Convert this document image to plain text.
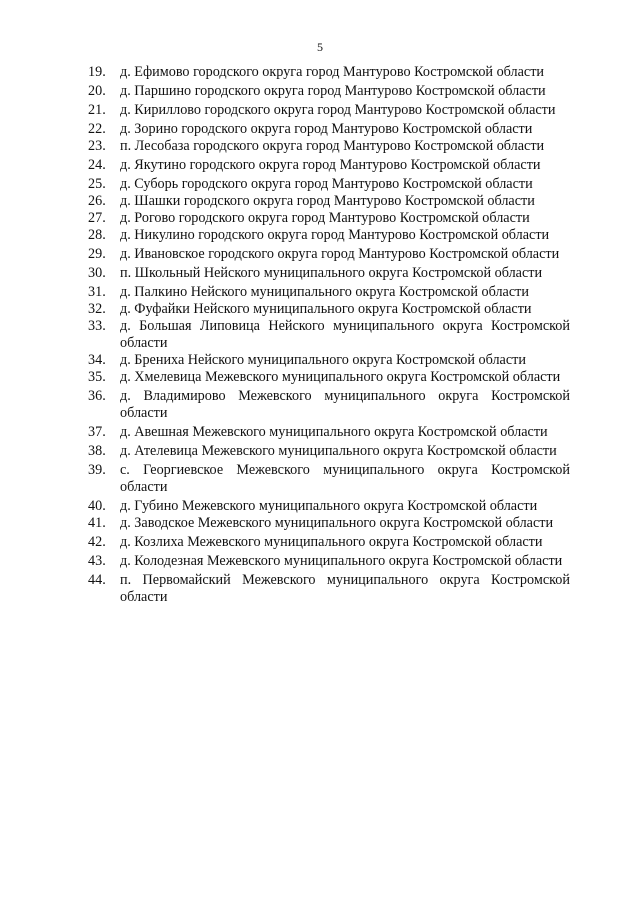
5
19.	д. Ефимово городского округа город Мантурово Костромской области
20.	д. Паршино городского округа город Мантурово Костромской области
21.	д. Кириллово городского округа город Мантурово Костромской области
22.	д. Зорино городского округа город Мантурово Костромской области
23.	п. Лесобаза городского округа город Мантурово Костромской области
24.	д. Якутино городского округа город Мантурово Костромской области
25.	д. Суборь городского округа город Мантурово Костромской области
26.	д. Шашки городского округа город Мантурово Костромской области
27.	д. Рогово городского округа город Мантурово Костромской области
28.	д. Никулино городского округа город Мантурово Костромской области
29.	д. Ивановское городского округа город Мантурово Костромской области
30.	п. Школьный Нейского муниципального округа Костромской области
31.	д. Палкино Нейского муниципального округа Костромской области
32.	д. Фуфайки Нейского муниципального округа Костромской области
33.	д. Большая Липовица Нейского муниципального округа Костромской области
34.	д. Брениха Нейского муниципального округа Костромской области
35.	д. Хмелевица Межевского муниципального округа Костромской области
36.	д. Владимирово Межевского муниципального округа Костромской области
37.	д. Авешная Межевского муниципального округа Костромской области
38.	д. Ателевица Межевского муниципального округа Костромской области
39.	с. Георгиевское Межевского муниципального округа Костромской области
40.	д. Губино Межевского муниципального округа Костромской области
41.	д. Заводское Межевского муниципального округа Костромской области
42.	д. Козлиха Межевского муниципального округа Костромской области
43.	д. Колодезная Межевского муниципального округа Костромской области
44.	п. Первомайский Межевского муниципального округа Костромской области
